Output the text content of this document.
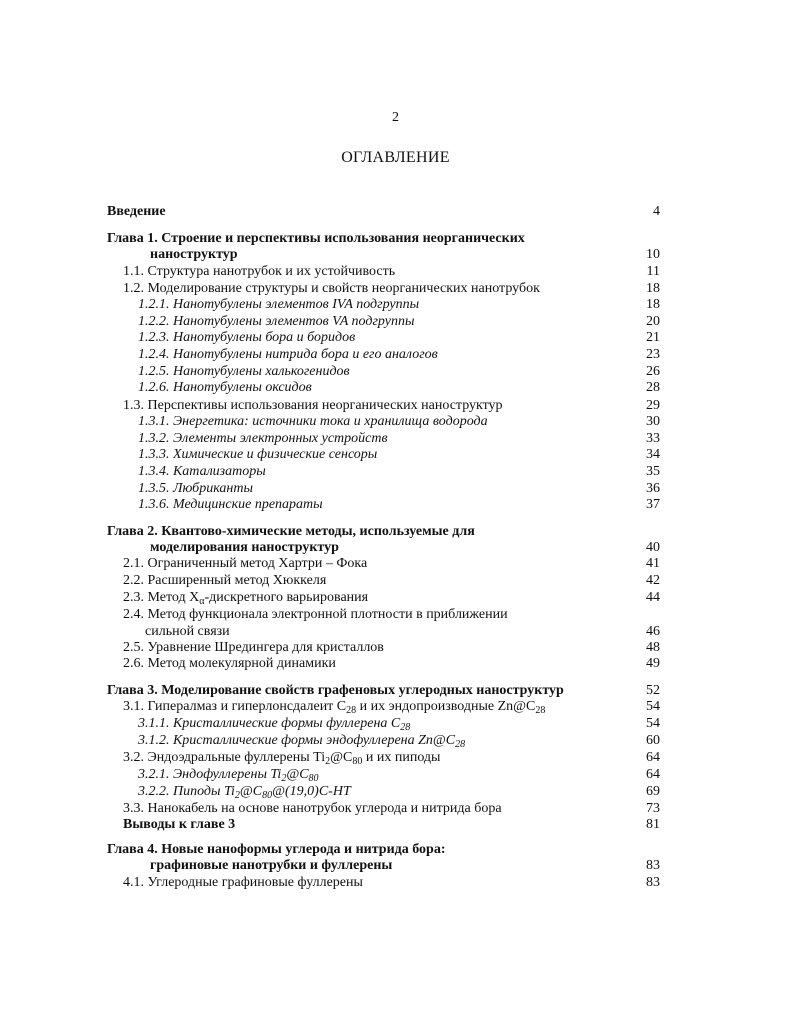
2
ОГЛАВЛЕНИЕ
Введение	4
Глава 1. Строение и перспективы использования неорганических
наноструктур	10
1.1. Структура нанотрубок и их устойчивость	11
1.2. Моделирование структуры и свойств неорганических нанотрубок	18
1.2.1. Нанотубулены элементов IVA подгруппы	18
1.2.2. Нанотубулены элементов VA подгруппы	20
1.2.3. Нанотубулены бора и боридов	21
1.2.4. Нанотубулены нитрида бора и его аналогов	23
1.2.5. Нанотубулены халькогенидов	26
1.2.6. Нанотубулены оксидов	28
1.3. Перспективы использования неорганических наноструктур	29
1.3.1. Энергетика: источники тока и хранилища водорода	30
1.3.2. Элементы электронных устройств	33
1.3.3. Химические и физические сенсоры	34
1.3.4. Катализаторы	35
1.3.5. Любриканты	36
1.3.6. Медицинские препараты	37
Глава 2. Квантово-химические методы, используемые для
моделирования наноструктур	40
2.1. Ограниченный метод Хартри – Фока	41
2.2. Расширенный метод Хюккеля	42
2.3. Метод $X_\alpha$-дискретного варьирования	44
2.4. Метод функционала электронной плотности в приближении
сильной связи	46
2.5. Уравнение Шредингера для кристаллов	48
2.6. Метод молекулярной динамики	49
Глава 3. Моделирование свойств графеновых углеродных наноструктур	52
3.1. Гипералмаз и гиперлонсдалеит $C_{28}$ и их эндопроизводные $Zn@C_{28}$	54
3.1.1. Кристаллические формы фуллерена $C_{28}$	54
3.1.2. Кристаллические формы эндофуллерена $Zn@C_{28}$	60
3.2. Эндоэдральные фуллерены $Ti_2@C_{80}$ и их пиподы	64
3.2.1. Эндофуллерены $Ti_2@C_{80}$	64
3.2.2. Пиподы $Ti_2@C_{80}@(19,0)C-НТ$	69
3.3. Нанокабель на основе нанотрубок углерода и нитрида бора	73
Выводы к главе 3	81
Глава 4. Новые наноформы углерода и нитрида бора:
графиновые нанотрубки и фуллерены	83
4.1. Углеродные графиновые фуллерены	83
